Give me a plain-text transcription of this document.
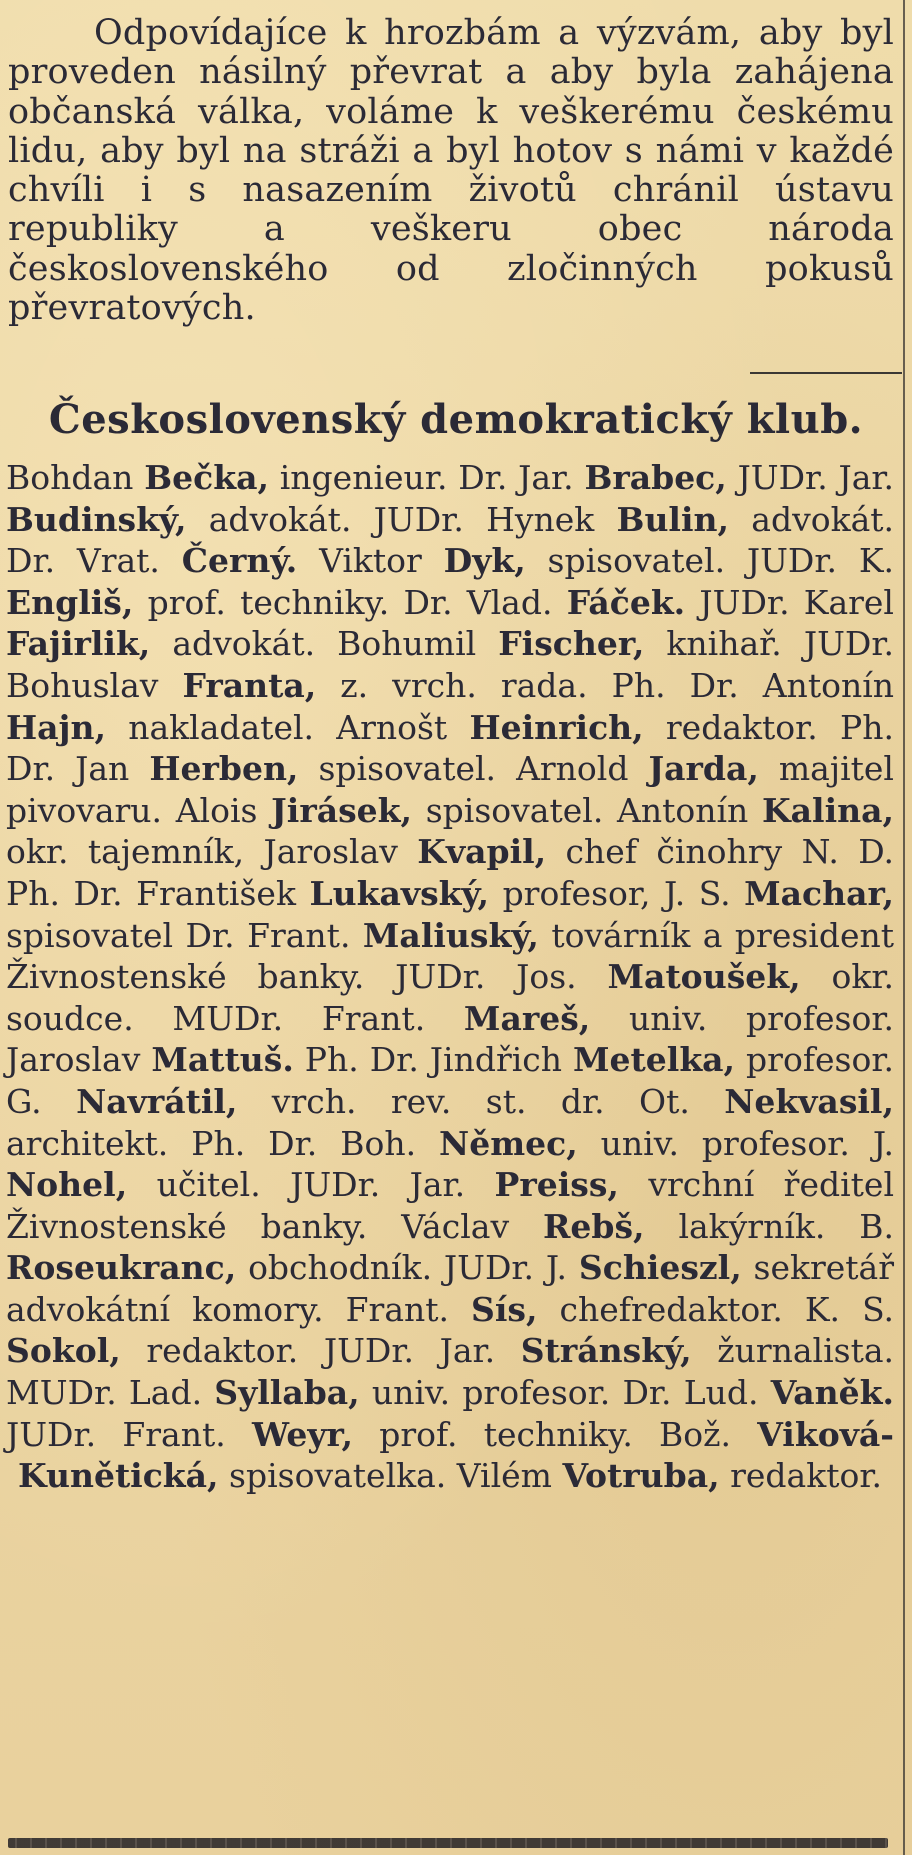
Odpovídajíce k hrozbám a výzvám, aby byl proveden násilný převrat a aby byla zahájena občanská válka, voláme k veškerému českému lidu, aby byl na stráži a byl hotov s námi v každé chvíli i s nasazením životů chránil ústavu republiky a veškeru obec národa československého od zločinných pokusů převratových.

Československý demokratický klub.

Bohdan Bečka, ingenieur. Dr. Jar. Brabec, JUDr. Jar. Budinský, advokát. JUDr. Hynek Bulin, advokát. Dr. Vrat. Černý. Viktor Dyk, spisovatel. JUDr. K. Engliš, prof. techniky. Dr. Vlad. Fáček. JUDr. Karel Fajirlik, advokát. Bohumil Fischer, knihař. JUDr. Bohuslav Franta, z. vrch. rada. Ph. Dr. Antonín Hajn, nakladatel. Arnošt Heinrich, redaktor. Ph. Dr. Jan Herben, spisovatel. Arnold Jarda, majitel pivovaru. Alois Jirásek, spisovatel. Antonín Kalina, okr. tajemník, Jaroslav Kvapil, chef činohry N. D. Ph. Dr. František Lukavský, profesor, J. S. Machar, spisovatel Dr. Frant. Maliuský, továrník a president Živnostenské banky. JUDr. Jos. Matoušek, okr. soudce. MUDr. Frant. Mareš, univ. profesor. Jaroslav Mattuš. Ph. Dr. Jindřich Metelka, profesor. G. Navrátil, vrch. rev. st. dr. Ot. Nekvasil, architekt. Ph. Dr. Boh. Němec, univ. profesor. J. Nohel, učitel. JUDr. Jar. Preiss, vrchní ředitel Živnostenské banky. Václav Rebš, lakýrník. B. Roseukranc, obchodník. JUDr. J. Schieszl, sekretář advokátní komory. Frant. Sís, chefredaktor. K. S. Sokol, redaktor. JUDr. Jar. Stránský, žurnalista. MUDr. Lad. Syllaba, univ. profesor. Dr. Lud. Vaněk. JUDr. Frant. Weyr, prof. techniky. Bož. Viková-Kunětická, spisovatelka. Vilém Votruba, redaktor.
